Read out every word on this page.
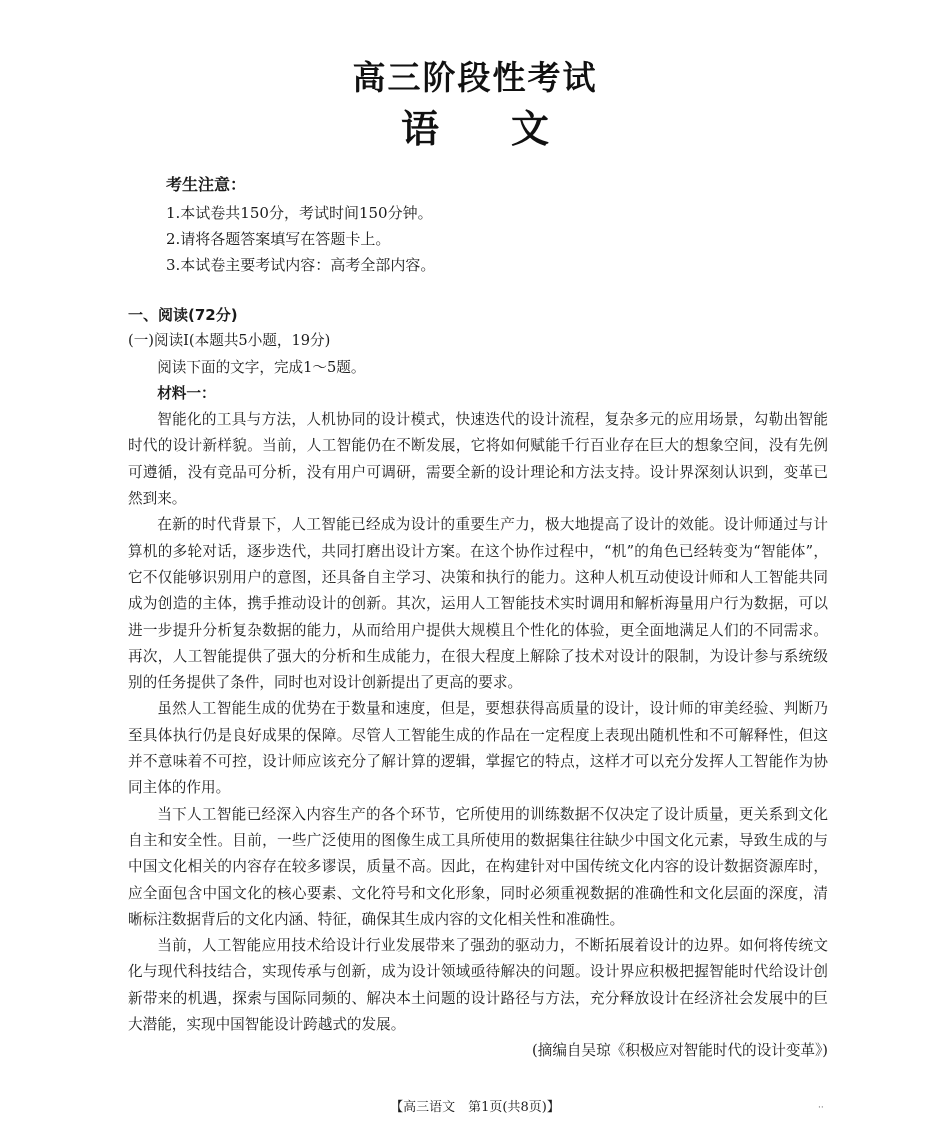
高三阶段性考试
语 文
考生注意：

1.本试卷共150分，考试时间150分钟。

2.请将各题答案填写在答题卡上。

3.本试卷主要考试内容：高考全部内容。

一、阅读(72分)

(一)阅读Ⅰ(本题共5小题，19分)

阅读下面的文字，完成1～5题。

材料一：

智能化的工具与方法，人机协同的设计模式，快速迭代的设计流程，复杂多元的应用场景，勾勒出智能时代的设计新样貌。当前，人工智能仍在不断发展，它将如何赋能千行百业存在巨大的想象空间，没有先例可遵循，没有竞品可分析，没有用户可调研，需要全新的设计理论和方法支持。设计界深刻认识到，变革已然到来。

在新的时代背景下，人工智能已经成为设计的重要生产力，极大地提高了设计的效能。设计师通过与计算机的多轮对话，逐步迭代，共同打磨出设计方案。在这个协作过程中，“机”的角色已经转变为“智能体”，它不仅能够识别用户的意图，还具备自主学习、决策和执行的能力。这种人机互动使设计师和人工智能共同成为创造的主体，携手推动设计的创新。其次，运用人工智能技术实时调用和解析海量用户行为数据，可以进一步提升分析复杂数据的能力，从而给用户提供大规模且个性化的体验，更全面地满足人们的不同需求。再次，人工智能提供了强大的分析和生成能力，在很大程度上解除了技术对设计的限制，为设计参与系统级别的任务提供了条件，同时也对设计创新提出了更高的要求。

虽然人工智能生成的优势在于数量和速度，但是，要想获得高质量的设计，设计师的审美经验、判断乃至具体执行仍是良好成果的保障。尽管人工智能生成的作品在一定程度上表现出随机性和不可解释性，但这并不意味着不可控，设计师应该充分了解计算的逻辑，掌握它的特点，这样才可以充分发挥人工智能作为协同主体的作用。

当下人工智能已经深入内容生产的各个环节，它所使用的训练数据不仅决定了设计质量，更关系到文化自主和安全性。目前，一些广泛使用的图像生成工具所使用的数据集往往缺少中国文化元素，导致生成的与中国文化相关的内容存在较多谬误，质量不高。因此，在构建针对中国传统文化内容的设计数据资源库时，应全面包含中国文化的核心要素、文化符号和文化形象，同时必须重视数据的准确性和文化层面的深度，清晰标注数据背后的文化内涵、特征，确保其生成内容的文化相关性和准确性。

当前，人工智能应用技术给设计行业发展带来了强劲的驱动力，不断拓展着设计的边界。如何将传统文化与现代科技结合，实现传承与创新，成为设计领域亟待解决的问题。设计界应积极把握智能时代给设计创新带来的机遇，探索与国际同频的、解决本土问题的设计路径与方法，充分释放设计在经济社会发展中的巨大潜能，实现中国智能设计跨越式的发展。

(摘编自吴琼《积极应对智能时代的设计变革》)

【高三语文　第1页(共8页)】	··
